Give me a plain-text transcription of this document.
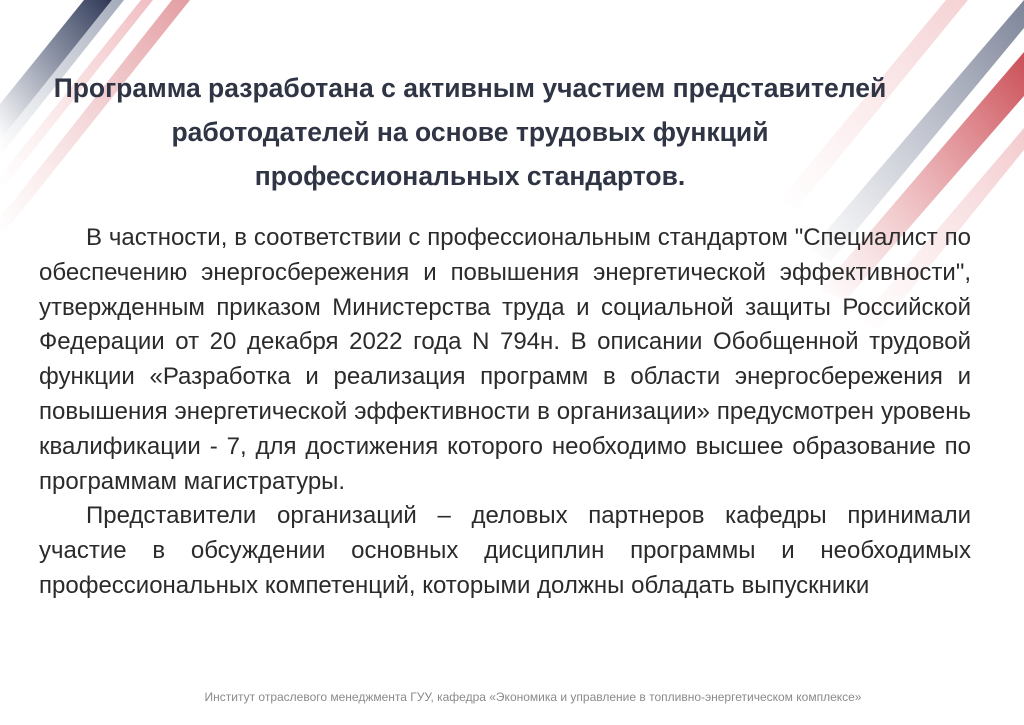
Программа разработана с активным участием представителей работодателей на основе трудовых функций профессиональных стандартов.

В частности, в соответствии с профессиональным стандартом "Специалист по обеспечению энергосбережения и повышения энергетической эффективности", утвержденным приказом Министерства труда и социальной защиты Российской Федерации от 20 декабря 2022 года N 794н. В описании Обобщенной трудовой функции «Разработка и реализация программ в области энергосбережения и повышения энергетической эффективности в организации» предусмотрен уровень квалификации - 7, для достижения которого необходимо высшее образование по программам магистратуры.

Представители организаций – деловых партнеров кафедры принимали участие в обсуждении основных дисциплин программы и необходимых профессиональных компетенций, которыми должны обладать выпускники

Институт отраслевого менеджмента ГУУ, кафедра «Экономика и управление в топливно-энергетическом комплексе»
